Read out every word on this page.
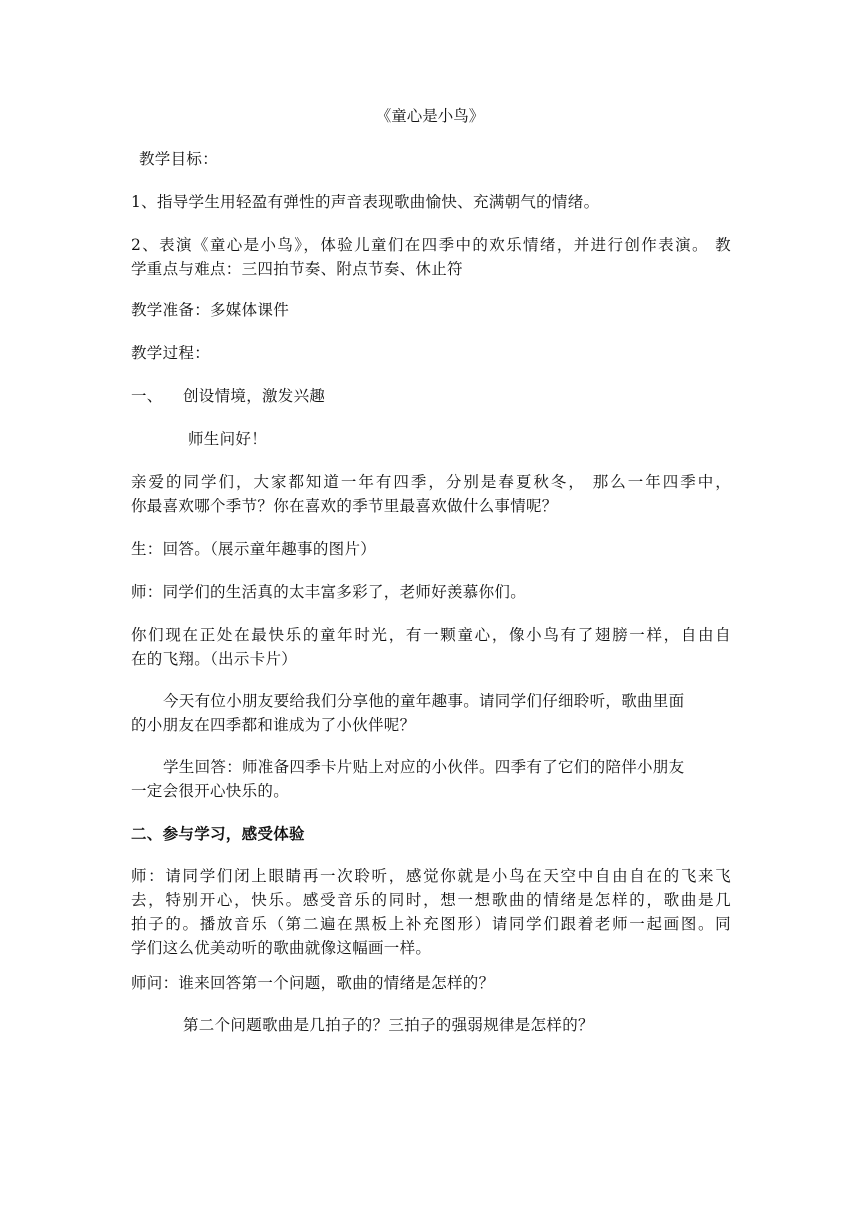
《童心是小鸟》
教学目标：
1、指导学生用轻盈有弹性的声音表现歌曲愉快、充满朝气的情绪。
2、表演《童心是小鸟》，体验儿童们在四季中的欢乐情绪，并进行创作表演。 教
学重点与难点：三四拍节奏、附点节奏、休止符
教学准备：多媒体课件
教学过程：
一、	创设情境，激发兴趣
师生问好！
亲爱的同学们，大家都知道一年有四季，分别是春夏秋冬， 那么一年四季中，
你最喜欢哪个季节？你在喜欢的季节里最喜欢做什么事情呢？
生：回答。（展示童年趣事的图片）
师：同学们的生活真的太丰富多彩了，老师好羡慕你们。
你们现在正处在最快乐的童年时光，有一颗童心，像小鸟有了翅膀一样，自由自
在的飞翔。（出示卡片）
今天有位小朋友要给我们分享他的童年趣事。请同学们仔细聆听，歌曲里面
的小朋友在四季都和谁成为了小伙伴呢？
学生回答：师准备四季卡片贴上对应的小伙伴。四季有了它们的陪伴小朋友
一定会很开心快乐的。
二、参与学习，感受体验
师：请同学们闭上眼睛再一次聆听，感觉你就是小鸟在天空中自由自在的飞来飞
去，特别开心，快乐。感受音乐的同时，想一想歌曲的情绪是怎样的，歌曲是几
拍子的。播放音乐（第二遍在黑板上补充图形）请同学们跟着老师一起画图。同
学们这么优美动听的歌曲就像这幅画一样。
师问：谁来回答第一个问题，歌曲的情绪是怎样的？
第二个问题歌曲是几拍子的？三拍子的强弱规律是怎样的？
